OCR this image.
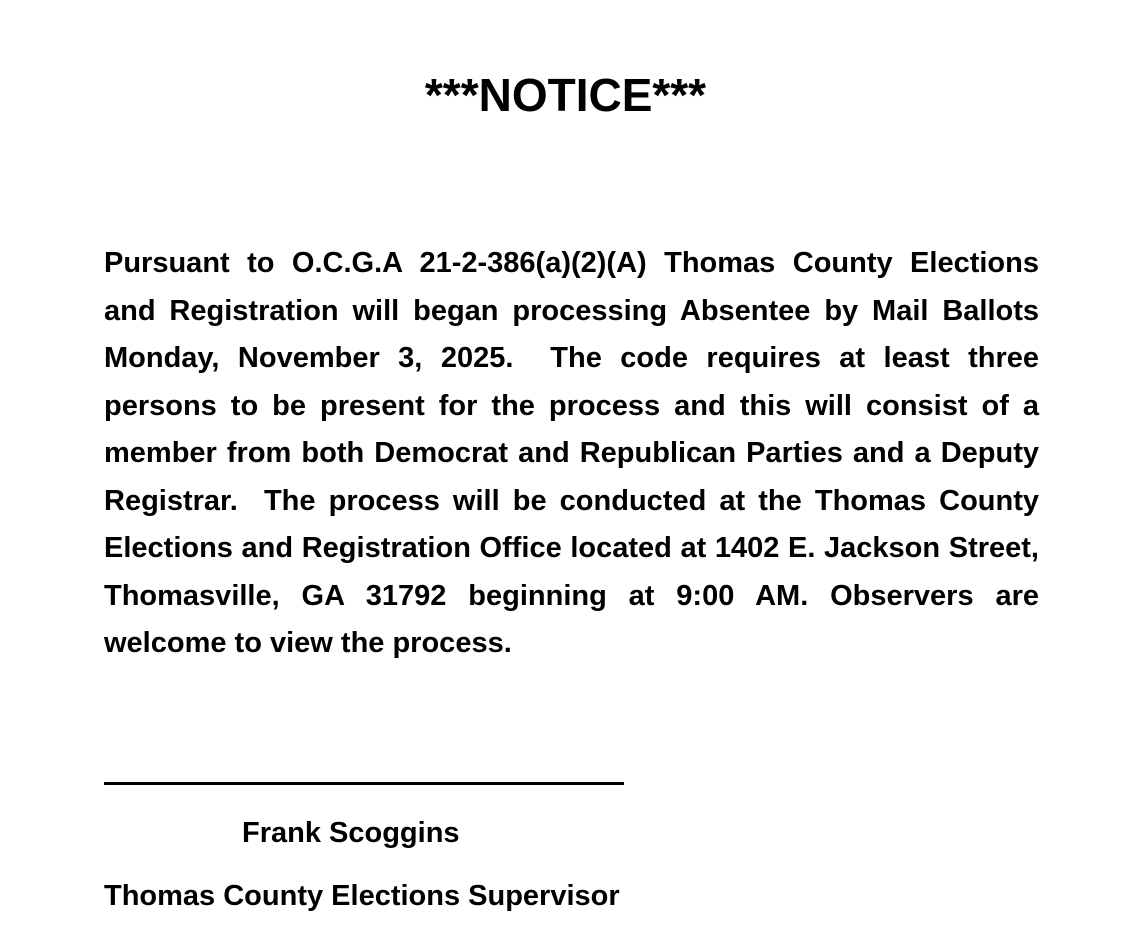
***NOTICE***

Pursuant to O.C.G.A 21-2-386(a)(2)(A) Thomas County Elections and Registration will began processing Absentee by Mail Ballots Monday, November 3, 2025.  The code requires at least three persons to be present for the process and this will consist of a member from both Democrat and Republican Parties and a Deputy Registrar.  The process will be conducted at the Thomas County Elections and Registration Office located at 1402 E. Jackson Street, Thomasville, GA 31792 beginning at 9:00 AM. Observers are welcome to view the process.

Frank Scoggins

Thomas County Elections Supervisor
